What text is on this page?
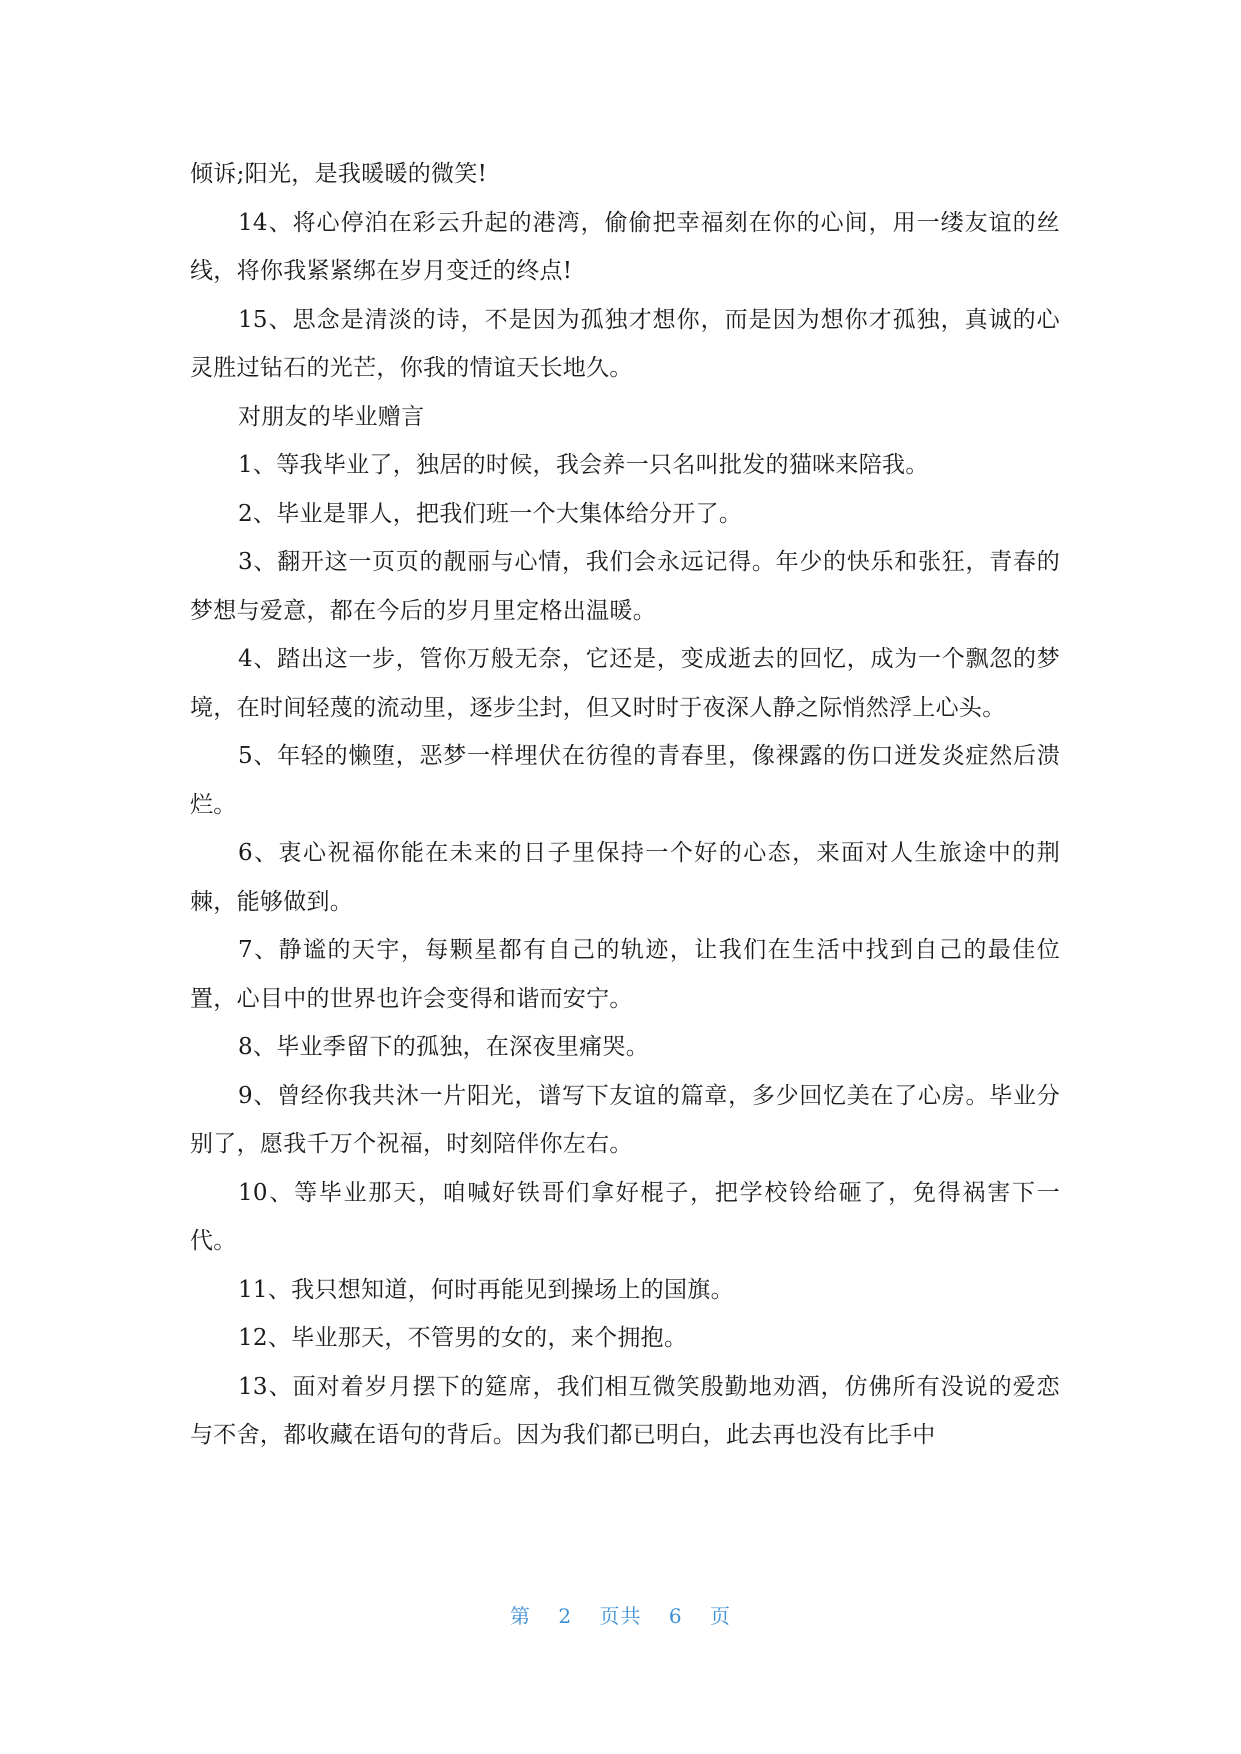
倾诉;阳光，是我暖暖的微笑!

14、将心停泊在彩云升起的港湾，偷偷把幸福刻在你的心间，用一缕友谊的丝线，将你我紧紧绑在岁月变迁的终点!

15、思念是清淡的诗，不是因为孤独才想你，而是因为想你才孤独，真诚的心灵胜过钻石的光芒，你我的情谊天长地久。

对朋友的毕业赠言

1、等我毕业了，独居的时候，我会养一只名叫批发的猫咪来陪我。

2、毕业是罪人，把我们班一个大集体给分开了。

3、翻开这一页页的靓丽与心情，我们会永远记得。年少的快乐和张狂，青春的梦想与爱意，都在今后的岁月里定格出温暖。

4、踏出这一步，管你万般无奈，它还是，变成逝去的回忆，成为一个飘忽的梦境，在时间轻蔑的流动里，逐步尘封，但又时时于夜深人静之际悄然浮上心头。

5、年轻的懒堕，恶梦一样埋伏在彷徨的青春里，像裸露的伤口迸发炎症然后溃烂。

6、衷心祝福你能在未来的日子里保持一个好的心态，来面对人生旅途中的荆棘，能够做到。

7、静谧的天宇，每颗星都有自己的轨迹，让我们在生活中找到自己的最佳位置，心目中的世界也许会变得和谐而安宁。

8、毕业季留下的孤独，在深夜里痛哭。

9、曾经你我共沐一片阳光，谱写下友谊的篇章，多少回忆美在了心房。毕业分别了，愿我千万个祝福，时刻陪伴你左右。

10、等毕业那天，咱喊好铁哥们拿好棍子，把学校铃给砸了，免得祸害下一代。

11、我只想知道，何时再能见到操场上的国旗。

12、毕业那天，不管男的女的，来个拥抱。

13、面对着岁月摆下的筵席，我们相互微笑殷勤地劝酒，仿佛所有没说的爱恋与不舍，都收藏在语句的背后。因为我们都已明白，此去再也没有比手中

第 2 页共 6 页
